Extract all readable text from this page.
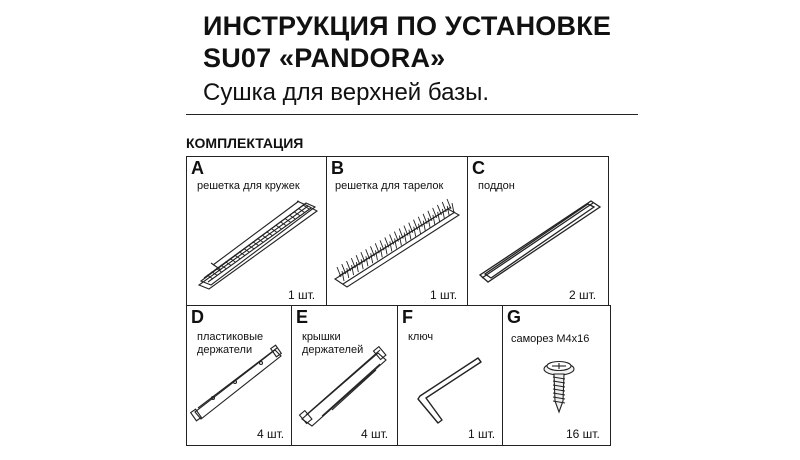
ИНСТРУКЦИЯ ПО УСТАНОВКЕ
SU07 «PANDORA»
Сушка для верхней базы.
КОМПЛЕКТАЦИЯ
A
решетка для кружек
1 шт.
B
решетка для тарелок
1 шт.
C
поддон
2 шт.
D
пластиковые
держатели
4 шт.
E
крышки
держателей
4 шт.
F
ключ
1 шт.
G
саморез M4x16
16 шт.
